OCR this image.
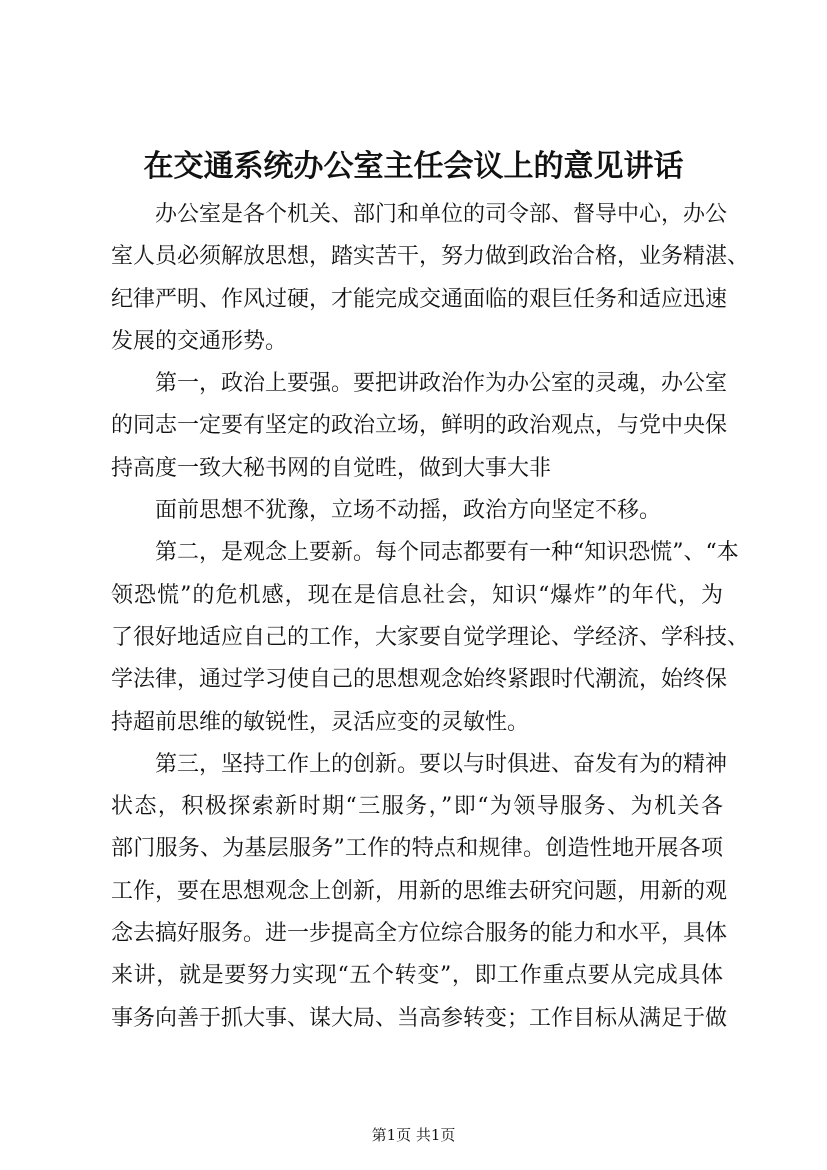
在交通系统办公室主任会议上的意见讲话
办公室是各个机关、部门和单位的司令部、督导中心，办公
室人员必须解放思想，踏实苦干，努力做到政治合格，业务精湛、
纪律严明、作风过硬，才能完成交通面临的艰巨任务和适应迅速
发展的交通形势。
第一，政治上要强。要把讲政治作为办公室的灵魂，办公室
的同志一定要有坚定的政治立场，鲜明的政治观点，与党中央保
持高度一致大秘书网的自觉甠，做到大事大非
面前思想不犹豫，立场不动摇，政治方向坚定不移。
第二，是观念上要新。每个同志都要有一种“知识恐慌”、“本
领恐慌”的危机感，现在是信息社会，知识“爆炸”的年代，为
了很好地适应自己的工作，大家要自觉学理论、学经济、学科技、
学法律，通过学习使自己的思想观念始终紧跟时代潮流，始终保
持超前思维的敏锐性，灵活应变的灵敏性。
第三，坚持工作上的创新。要以与时俱进、奋发有为的精神
状态，积极探索新时期“三服务，”即“为领导服务、为机关各
部门服务、为基层服务”工作的特点和规律。创造性地开展各项
工作，要在思想观念上创新，用新的思维去研究问题，用新的观
念去搞好服务。进一步提高全方位综合服务的能力和水平，具体
来讲，就是要努力实现“五个转变”，即工作重点要从完成具体
事务向善于抓大事、谋大局、当高参转变；工作目标从满足于做
第1页 共1页
